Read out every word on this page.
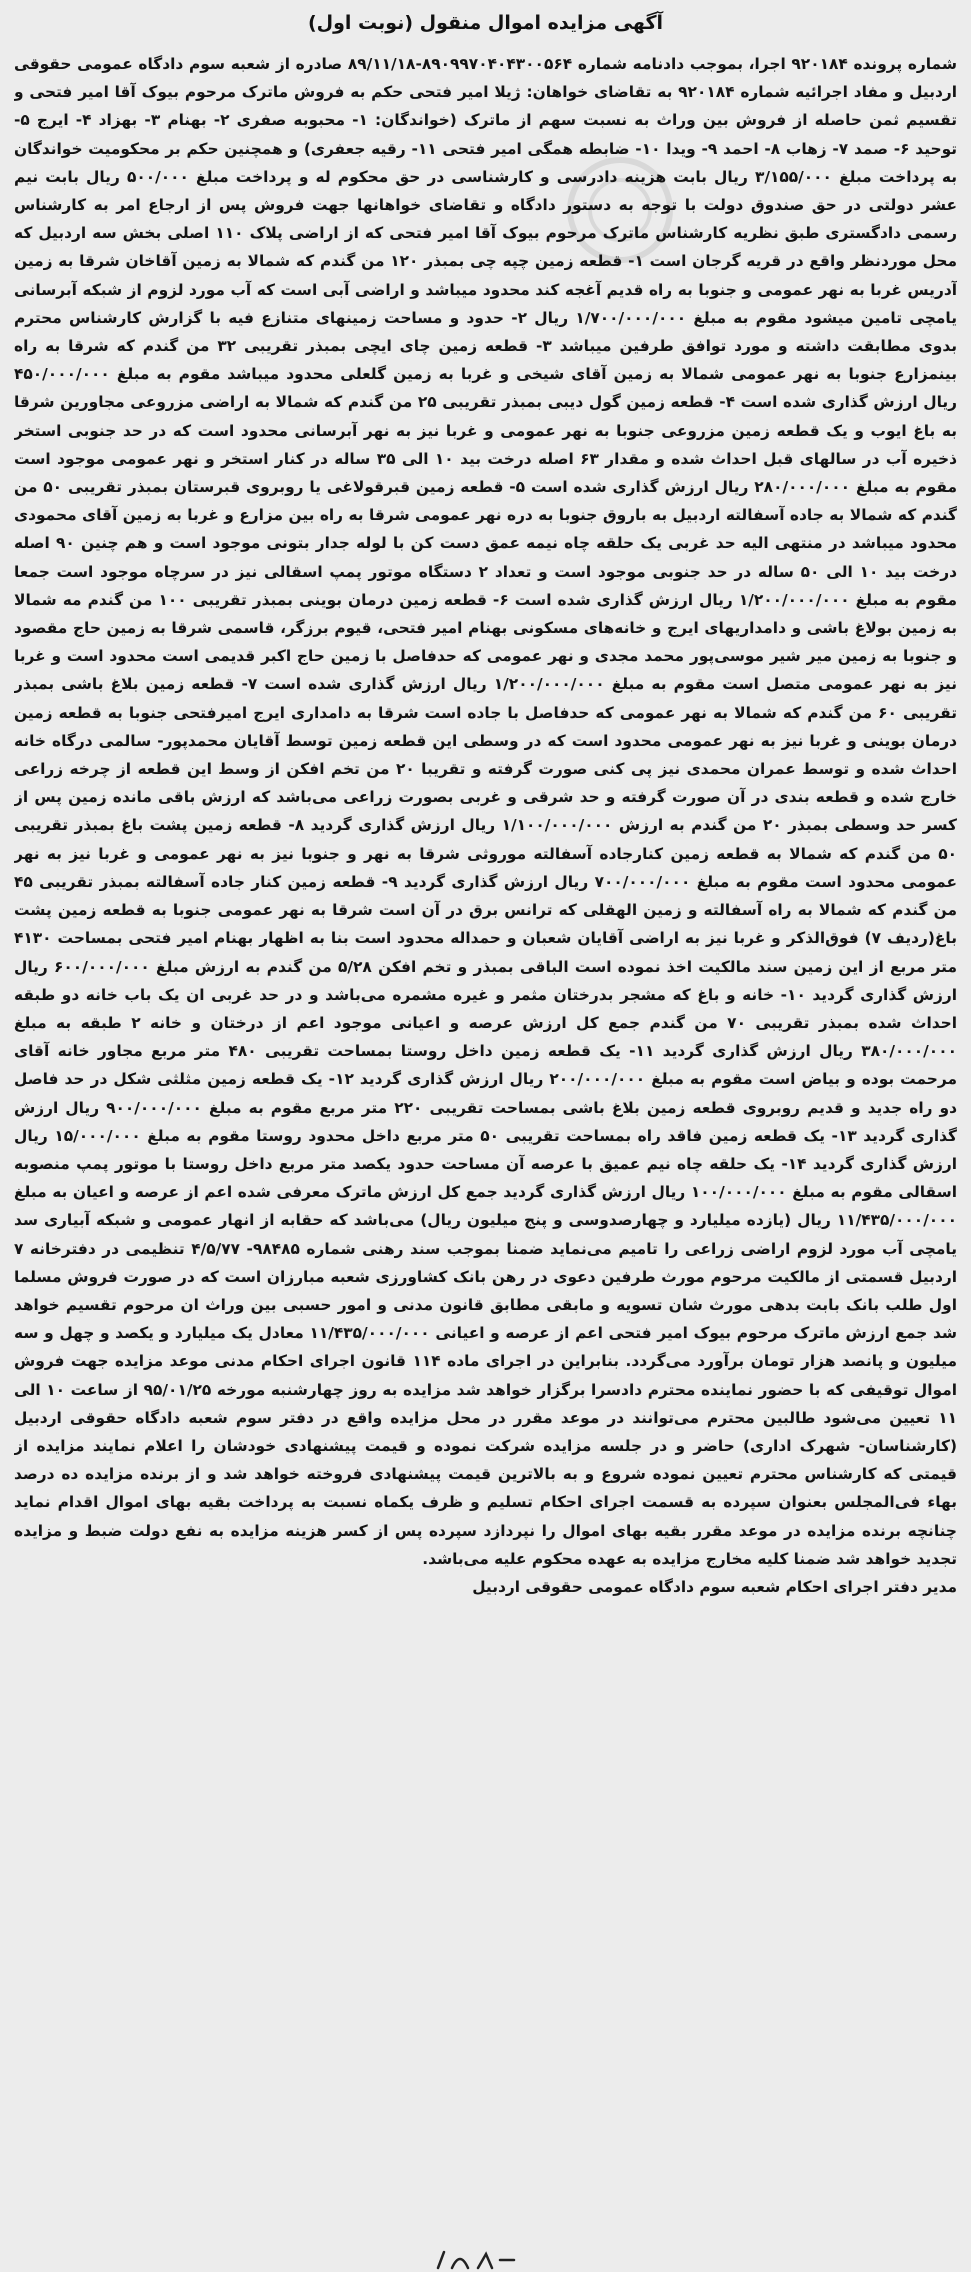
آگهی مزایده اموال منقول (نوبت اول)

شماره پرونده ۹۲۰۱۸۴ اجرا، بموجب دادنامه شماره ۸۹۰۹۹۷۰۴۰۴۳۰۰۵۶۴-۸۹/۱۱/۱۸ صادره از شعبه سوم دادگاه عمومی حقوقی اردبیل و مفاد اجرائیه شماره ۹۲۰۱۸۴ به تقاضای خواهان: ژیلا امیر فتحی حکم به فروش ماترک مرحوم بیوک آقا امیر فتحی و تقسیم ثمن حاصله از فروش بین وراث به نسبت سهم از ماترک (خواندگان: ۱- محبوبه صفری ۲- بهنام ۳- بهزاد ۴- ایرج ۵- توحید ۶- صمد ۷- زهاب ۸- احمد ۹- ویدا ۱۰- ضابطه همگی امیر فتحی ۱۱- رقیه جعفری) و همچنین حکم بر محکومیت خواندگان به پرداخت مبلغ ۳/۱۵۵/۰۰۰ ریال بابت هزینه دادرسی و کارشناسی در حق محکوم له و پرداخت مبلغ ۵۰۰/۰۰۰ ریال بابت نیم عشر دولتی در حق صندوق دولت با توجه به دستور دادگاه و تقاضای خواهانها جهت فروش پس از ارجاع امر به کارشناس رسمی دادگستری طبق نظریه کارشناس ماترک مرحوم بیوک آقا امیر فتحی که از اراضی پلاک ۱۱۰ اصلی بخش سه اردبیل که محل موردنظر واقع در قریه گرجان است ۱- قطعه زمین چپه چی بمبذر ۱۲۰ من گندم که شمالا به زمین آقاخان شرقا به زمین آدریس غربا به نهر عمومی و جنوبا به راه قدیم آغجه کند محدود میباشد و اراضی آبی است که آب مورد لزوم از شبکه آبرسانی یامچی تامین میشود مقوم به مبلغ ۱/۷۰۰/۰۰۰/۰۰۰ ریال ۲- حدود و مساحت زمینهای متنازع فیه با گزارش کارشناس محترم بدوی مطابقت داشته و مورد توافق طرفین میباشد ۳- قطعه زمین چای ایچی بمبذر تقریبی ۳۲ من گندم که شرقا به راه بینمزارع جنوبا به نهر عمومی شمالا به زمین آقای شیخی و غربا به زمین گلعلی محدود میباشد مقوم به مبلغ ۴۵۰/۰۰۰/۰۰۰ ریال ارزش گذاری شده است ۴- قطعه زمین گول دیبی بمبذر تقریبی ۲۵ من گندم که شمالا به اراضی مزروعی مجاورین شرقا به باغ ایوب و یک قطعه زمین مزروعی جنوبا به نهر عمومی و غربا نیز به نهر آبرسانی محدود است که در حد جنوبی استخر ذخیره آب در سالهای قبل احداث شده و مقدار ۶۳ اصله درخت بید ۱۰ الی ۳۵ ساله در کنار استخر و نهر عمومی موجود است مقوم به مبلغ ۲۸۰/۰۰۰/۰۰۰ ریال ارزش گذاری شده است ۵- قطعه زمین قبرقولاغی یا روبروی قبرستان بمبذر تقریبی ۵۰ من گندم که شمالا به جاده آسفالته اردبیل به باروق جنوبا به دره نهر عمومی شرقا به راه بین مزارع و غربا به زمین آقای محمودی محدود میباشد در منتهی الیه حد غربی یک حلقه چاه نیمه عمق دست کن با لوله جدار بتونی موجود است و هم چنین ۹۰ اصله درخت بید ۱۰ الی ۵۰ ساله در حد جنوبی موجود است و تعداد ۲ دستگاه موتور پمپ اسقالی نیز در سرچاه موجود است جمعا مقوم به مبلغ ۱/۲۰۰/۰۰۰/۰۰۰ ریال ارزش گذاری شده است ۶- قطعه زمین درمان بوینی بمبذر تقریبی ۱۰۰ من گندم مه شمالا به زمین بولاغ باشی و دامداریهای ایرج و خانه‌های مسکونی بهنام امیر فتحی، قیوم برزگر، قاسمی شرقا به زمین حاج مقصود و جنوبا به زمین میر شیر موسی‌پور محمد مجدی و نهر عمومی که حدفاصل با زمین حاج اکبر قدیمی است محدود است و غربا نیز به نهر عمومی متصل است مقوم به مبلغ ۱/۲۰۰/۰۰۰/۰۰۰ ریال ارزش گذاری شده است ۷- قطعه زمین بلاغ باشی بمبذر تقریبی ۶۰ من گندم که شمالا به نهر عمومی که حدفاصل با جاده است شرقا به دامداری ایرج امیرفتحی جنوبا به قطعه زمین درمان بوینی و غربا نیز به نهر عمومی محدود است که در وسطی این قطعه زمین توسط آقایان محمدپور- سالمی درگاه خانه احداث شده و توسط عمران محمدی نیز پی کنی صورت گرفته و تقریبا ۲۰ من تخم افکن از وسط این قطعه از چرخه زراعی خارج شده و قطعه بندی در آن صورت گرفته و حد شرقی و غربی بصورت زراعی می‌باشد که ارزش باقی مانده زمین پس از کسر حد وسطی بمبذر ۲۰ من گندم به ارزش ۱/۱۰۰/۰۰۰/۰۰۰ ریال ارزش گذاری گردید ۸- قطعه زمین پشت باغ بمبذر تقریبی ۵۰ من گندم که شمالا به قطعه زمین کنارجاده آسفالته موروثی شرقا به نهر و جنوبا نیز به نهر عمومی و غربا نیز به نهر عمومی محدود است مقوم به مبلغ ۷۰۰/۰۰۰/۰۰۰ ریال ارزش گذاری گردید ۹- قطعه زمین کنار جاده آسفالته بمبذر تقریبی ۴۵ من گندم که شمالا به راه آسفالته و زمین الهقلی که ترانس برق در آن است شرقا به نهر عمومی جنوبا به قطعه زمین پشت باغ(ردیف ۷) فوق‌الذکر و غربا نیز به اراضی آقایان شعبان و حمداله محدود است بنا به اظهار بهنام امیر فتحی بمساحت ۴۱۳۰ متر مربع از این زمین سند مالکیت اخذ نموده است الباقی بمبذر و تخم افکن ۵/۲۸ من گندم به ارزش مبلغ ۶۰۰/۰۰۰/۰۰۰ ریال ارزش گذاری گردید ۱۰- خانه و باغ که مشجر بدرختان مثمر و غیره مشمره می‌باشد و در حد غربی ان یک باب خانه دو طبقه احداث شده بمبذر تقریبی ۷۰ من گندم جمع کل ارزش عرصه و اعیانی موجود اعم از درختان و خانه ۲ طبقه به مبلغ ۳۸۰/۰۰۰/۰۰۰ ریال ارزش گذاری گردید ۱۱- یک قطعه زمین داخل روستا بمساحت تقریبی ۴۸۰ متر مربع مجاور خانه آقای مرحمت بوده و بیاض است مقوم به مبلغ ۲۰۰/۰۰۰/۰۰۰ ریال ارزش گذاری گردید ۱۲- یک قطعه زمین مثلثی شکل در حد فاصل دو راه جدید و قدیم روبروی قطعه زمین بلاغ باشی بمساحت تقریبی ۲۲۰ متر مربع مقوم به مبلغ ۹۰۰/۰۰۰/۰۰۰ ریال ارزش گذاری گردید ۱۳- یک قطعه زمین فاقد راه بمساحت تقریبی ۵۰ متر مربع داخل محدود روستا مقوم به مبلغ ۱۵/۰۰۰/۰۰۰ ریال ارزش گذاری گردید ۱۴- یک حلقه چاه نیم عمیق با عرصه آن مساحت حدود یکصد متر مربع داخل روستا با موتور پمپ منصوبه اسقالی مقوم به مبلغ ۱۰۰/۰۰۰/۰۰۰ ریال ارزش گذاری گردید جمع کل ارزش ماترک معرفی شده اعم از عرصه و اعیان به مبلغ ۱۱/۴۳۵/۰۰۰/۰۰۰ ریال (یازده میلیارد و چهارصدوسی و پنج میلیون ریال) می‌باشد که حقابه از انهار عمومی و شبکه آبیاری سد یامچی آب مورد لزوم اراضی زراعی را تامیم می‌نماید ضمنا بموجب سند رهنی شماره ۹۸۴۸۵- ۴/۵/۷۷ تنظیمی در دفترخانه ۷ اردبیل قسمتی از مالکیت مرحوم مورث طرفین دعوی در رهن بانک کشاورزی شعبه مبارزان است که در صورت فروش مسلما اول طلب بانک بابت بدهی مورث شان تسویه و مابقی مطابق قانون مدنی و امور حسبی بین وراث ان مرحوم تقسیم خواهد شد جمع ارزش ماترک مرحوم بیوک امیر فتحی اعم از عرصه و اعیانی ۱۱/۴۳۵/۰۰۰/۰۰۰ معادل یک میلیارد و یکصد و چهل و سه میلیون و پانصد هزار تومان برآورد می‌گردد. بنابراین در اجرای ماده ۱۱۴ قانون اجرای احکام مدنی موعد مزایده جهت فروش اموال توقیفی که با حضور نماینده محترم دادسرا برگزار خواهد شد مزایده به روز چهارشنبه مورخه ۹۵/۰۱/۲۵ از ساعت ۱۰ الی ۱۱ تعیین می‌شود طالبین محترم می‌توانند در موعد مقرر در محل مزایده واقع در دفتر سوم شعبه دادگاه حقوقی اردبیل (کارشناسان- شهرک اداری) حاضر و در جلسه مزایده شرکت نموده و قیمت پیشنهادی خودشان را اعلام نمایند مزایده از قیمتی که کارشناس محترم تعیین نموده شروع و به بالاترین قیمت پیشنهادی فروخته خواهد شد و از برنده مزایده ده درصد بهاء فی‌المجلس بعنوان سپرده به قسمت اجرای احکام تسلیم و ظرف یکماه نسبت به پرداخت بقیه بهای اموال اقدام نماید چنانچه برنده مزایده در موعد مقرر بقیه بهای اموال را نپردازد سپرده پس از کسر هزینه مزایده به نفع دولت ضبط و مزایده تجدید خواهد شد ضمنا کلیه مخارج مزایده به عهده محکوم علیه می‌باشد.

مدیر دفتر اجرای احکام شعبه سوم دادگاه عمومی حقوقی اردبیل
